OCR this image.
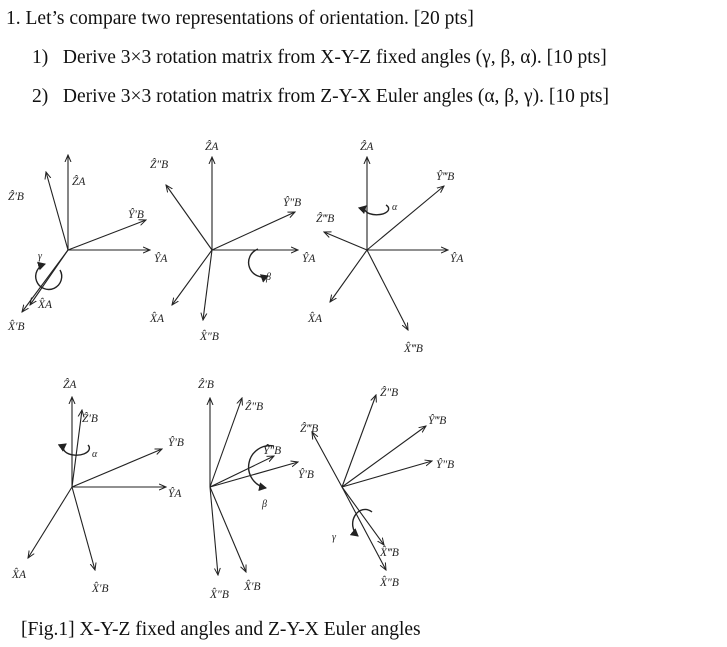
1. Let’s compare two representations of orientation. [20 pts]
1) Derive 3×3 rotation matrix from X-Y-Z fixed angles (γ, β, α). [10 pts]
2) Derive 3×3 rotation matrix from Z-Y-X Euler angles (α, β, γ). [10 pts]
ẐA
Ẑ′B
Ŷ′B
ŶA
X̂A
X̂′B
γ
ẐA
Ẑ″B
Ŷ″B
ŶA
X̂A
X̂″B
β
ẐA
Ẑ‴B
Ŷ‴B
ŶA
X̂A
X̂‴B
α
ẐA
Ẑ′B
Ŷ′B
ŶA
X̂A
X̂′B
α
Ẑ′B
Ẑ″B
Ŷ″B
Ŷ′B
X̂″B
X̂′B
β
Ẑ″B
Ẑ‴B
Ŷ‴B
Ŷ″B
X̂‴B
X̂″B
γ
[Fig.1] X-Y-Z fixed angles and Z-Y-X Euler angles
